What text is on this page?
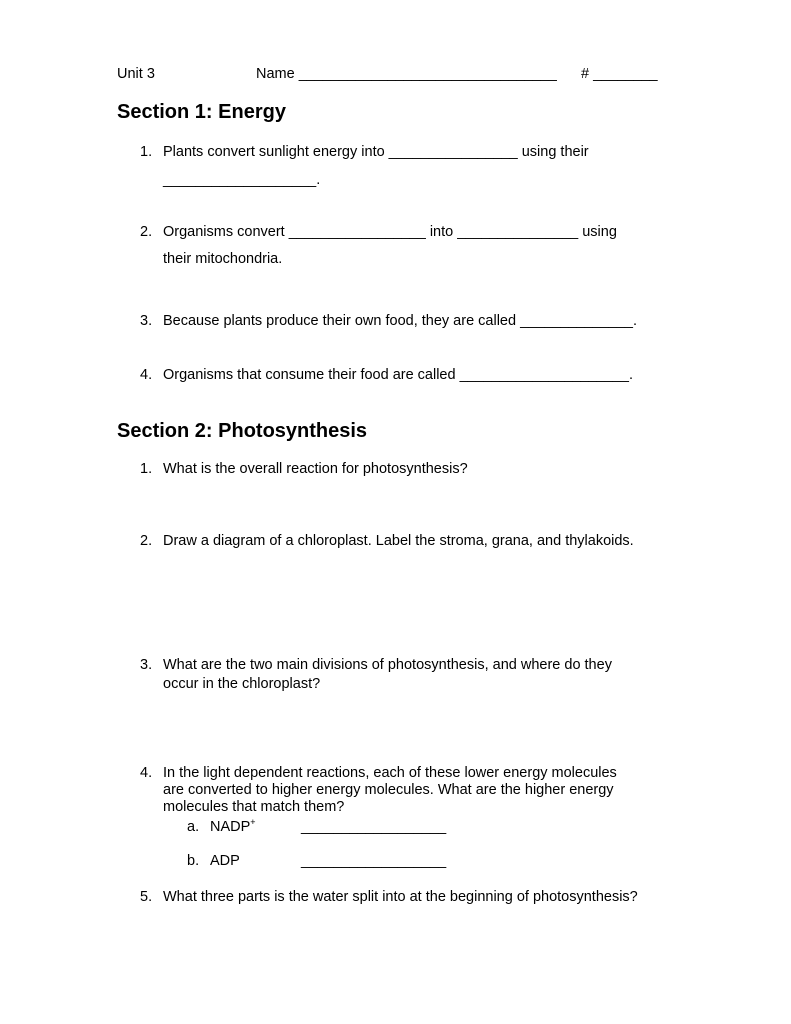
Unit 3	Name ________________________________ # ________
Section 1: Energy
1. Plants convert sunlight energy into ________________ using their
___________________.
2. Organisms convert _________________ into _______________ using
their mitochondria.
3. Because plants produce their own food, they are called ______________.
4. Organisms that consume their food are called _____________________.
Section 2: Photosynthesis
1. What is the overall reaction for photosynthesis?
2. Draw a diagram of a chloroplast. Label the stroma, grana, and thylakoids.
3. What are the two main divisions of photosynthesis, and where do they
occur in the chloroplast?
4. In the light dependent reactions, each of these lower energy molecules
are converted to higher energy molecules. What are the higher energy
molecules that match them?
a. NADP+	__________________
b. ADP	__________________
5. What three parts is the water split into at the beginning of photosynthesis?
